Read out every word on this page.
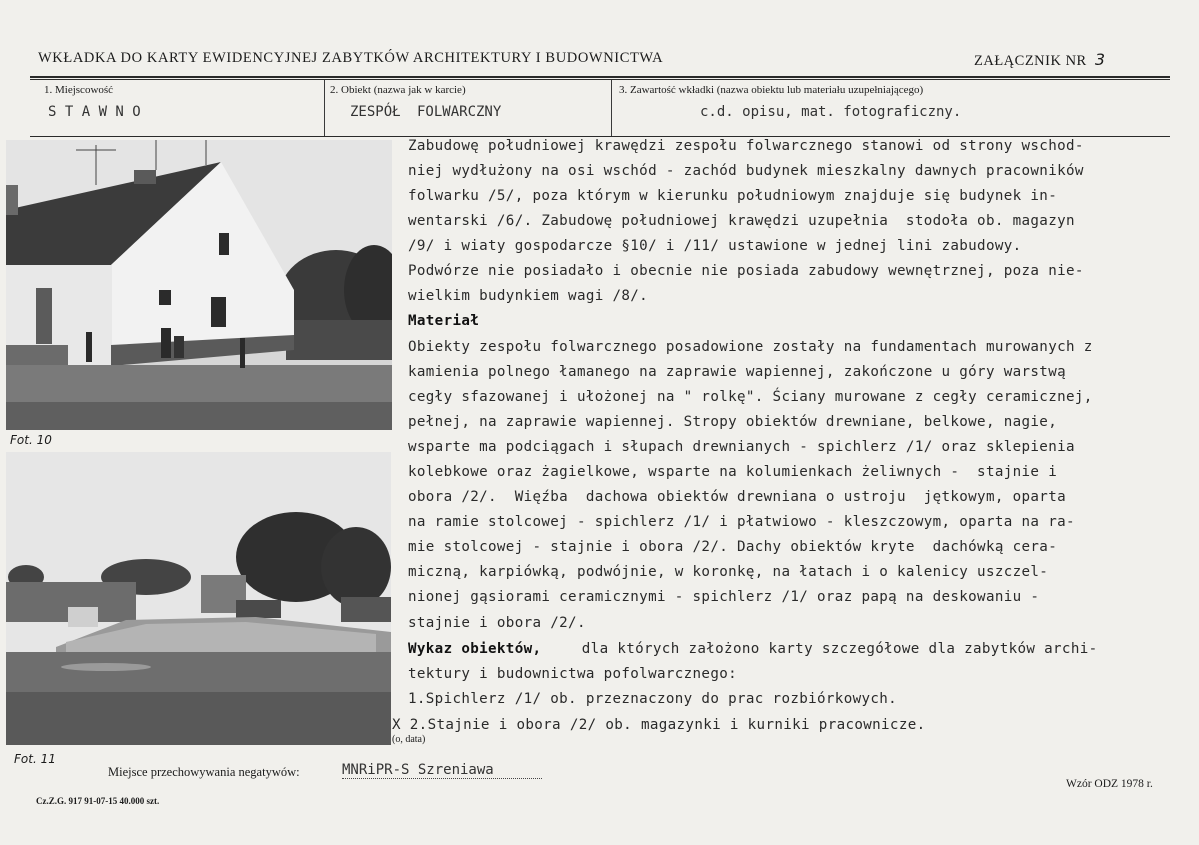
WKŁADKA DO KARTY EWIDENCYJNEJ ZABYTKÓW ARCHITEKTURY I BUDOWNICTWA	ZAŁĄCZNIK NR 3
1. Miejscowość
S T A W N O
2. Obiekt (nazwa jak w karcie)
ZESPÓŁ FOLWARCZNY
3. Zawartość wkładki (nazwa obiektu lub materiału uzupełniającego)
c.d. opisu, mat. fotograficzny.
Fot. 10
Fot. 11
Zabudowę południowej krawędzi zespołu folwarcznego stanowi od strony wschod-
niej wydłużony na osi wschód - zachód budynek mieszkalny dawnych pracowników
folwarku /5/, poza którym w kierunku południowym znajduje się budynek in-
wentarski /6/. Zabudowę południowej krawędzi uzupełnia  stodoła ob. magazyn
/9/ i wiaty gospodarcze §10/ i /11/ ustawione w jednej lini zabudowy.
Podwórze nie posiadało i obecnie nie posiada zabudowy wewnętrznej, poza nie-
wielkim budynkiem wagi /8/.
Materiał
Obiekty zespołu folwarcznego posadowione zostały na fundamentach murowanych z
kamienia polnego łamanego na zaprawie wapiennej, zakończone u góry warstwą
cegły sfazowanej i ułożonej na " rolkę". Ściany murowane z cegły ceramicznej,
pełnej, na zaprawie wapiennej. Stropy obiektów drewniane, belkowe, nagie,
wsparte ma podciągach i słupach drewnianych - spichlerz /1/ oraz sklepienia
kolebkowe oraz żagielkowe, wsparte na kolumienkach żeliwnych -  stajnie i
obora /2/.  Więźba  dachowa obiektów drewniana o ustroju  jętkowym, oparta
na ramie stolcowej - spichlerz /1/ i płatwiowo - kleszczowym, oparta na ra-
mie stolcowej - stajnie i obora /2/. Dachy obiektów kryte  dachówką cera-
miczną, karpiówką, podwójnie, w koronkę, na łatach i o kalenicy uszczel-
nionej gąsiorami ceramicznymi - spichlerz /1/ oraz papą na deskowaniu -
stajnie i obora /2/.
Wykaz obiektów, dla których założono karty szczegółowe dla zabytków archi-
tektury i budownictwa pofolwarcznego:
1.Spichlerz /1/ ob. przeznaczony do prac rozbiórkowych.
X 2.Stajnie i obora /2/ ob. magazynki i kurniki pracownicze.
(o, data)
Miejsce przechowywania negatywów:	MNRiPR-S Szreniawa
Cz.Z.G. 917 91-07-15 40.000 szt.
Wzór ODZ 1978 r.
